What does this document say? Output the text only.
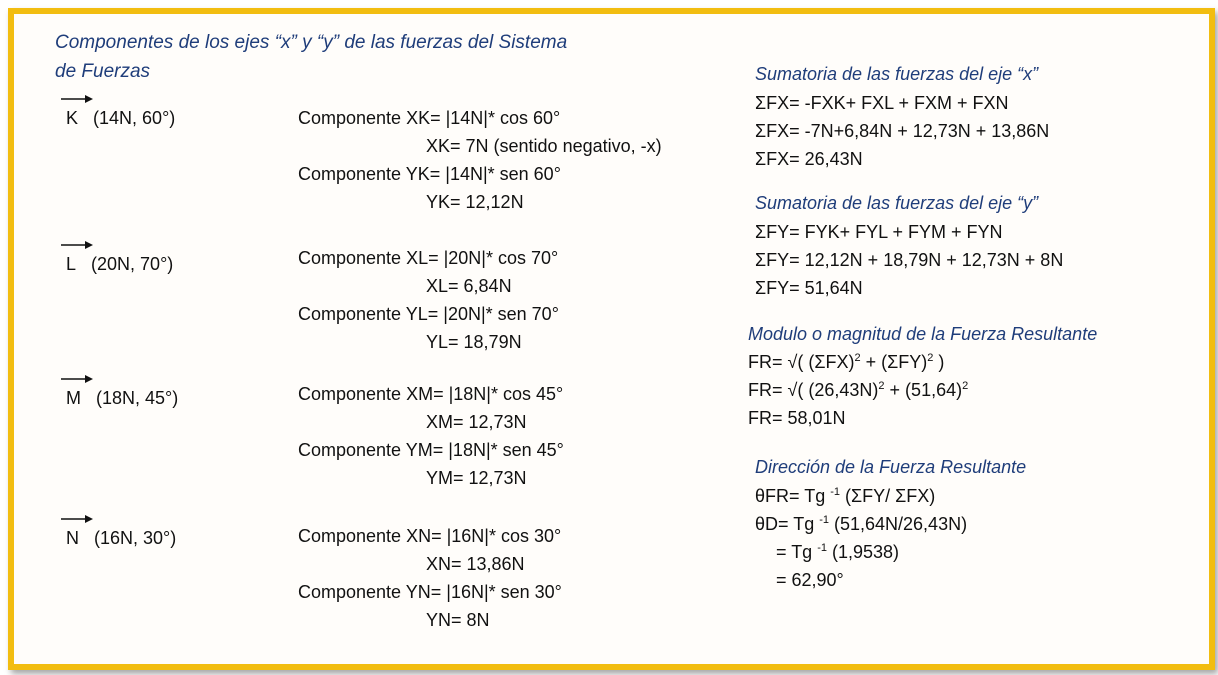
Componentes de los ejes “x” y “y” de las fuerzas del Sistema
de Fuerzas
K (14N, 60°)	Componente XK= |14N|* cos 60°
XK= 7N (sentido negativo, -x)
Componente YK= |14N|* sen 60°
YK= 12,12N
L (20N, 70°)	Componente XL= |20N|* cos 70°
XL= 6,84N
Componente YL= |20N|* sen 70°
YL= 18,79N
M (18N, 45°)	Componente XM= |18N|* cos 45°
XM= 12,73N
Componente YM= |18N|* sen 45°
YM= 12,73N
N (16N, 30°)	Componente XN= |16N|* cos 30°
XN= 13,86N
Componente YN= |16N|* sen 30°
YN= 8N
Sumatoria de las fuerzas del eje “x”
ΣFX= -FXK+ FXL + FXM + FXN
ΣFX= -7N+6,84N + 12,73N + 13,86N
ΣFX= 26,43N
Sumatoria de las fuerzas del eje “y”
ΣFY= FYK+ FYL + FYM + FYN
ΣFY= 12,12N + 18,79N + 12,73N + 8N
ΣFY= 51,64N
Modulo o magnitud de la Fuerza Resultante
FR= √( $(\Sigma FX)^2 + (\Sigma FY)^2$ )
FR= √( $(26,43N)^2 + (51,64)^2$
FR= 58,01N
Dirección de la Fuerza Resultante
θFR= Tg $^{-1}$ (ΣFY/ ΣFX)
θD= Tg $^{-1}$ (51,64N/26,43N)
= Tg $^{-1}$ (1,9538)
= 62,90°
